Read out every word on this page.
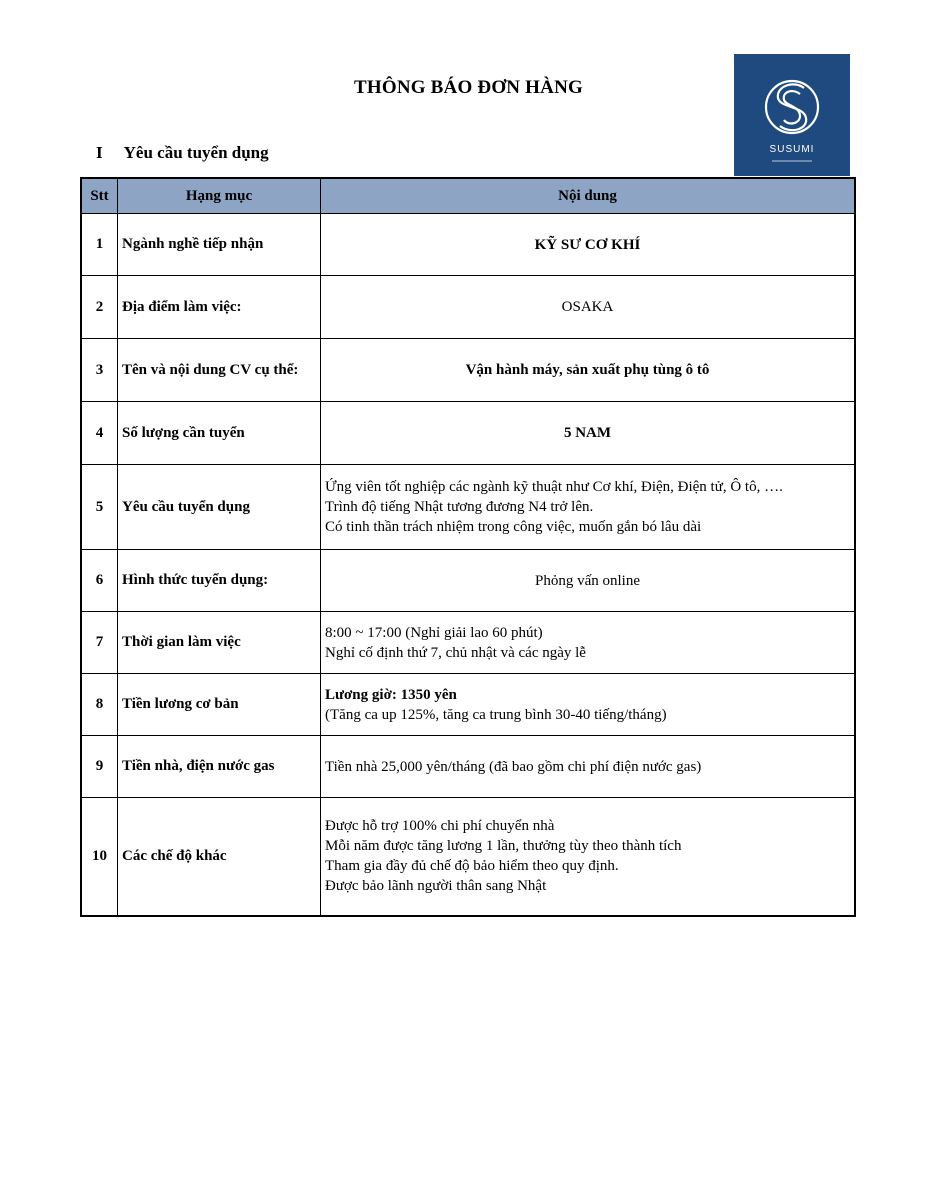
THÔNG BÁO ĐƠN HÀNG
I Yêu cầu tuyển dụng	SUSUMI
Stt	Hạng mục	Nội dung
1	Ngành nghề tiếp nhận	KỸ SƯ CƠ KHÍ

2	Địa điểm làm việc:	OSAKA

3	Tên và nội dung CV cụ thể:	Vận hành máy, sản xuất phụ tùng ô tô

4	Số lượng cần tuyển	5 NAM

5	Yêu cầu tuyển dụng	Ứng viên tốt nghiệp các ngành kỹ thuật như Cơ khí, Điện, Điện tử, Ô tô, ….
Trình độ tiếng Nhật tương đương N4 trở lên.
Có tinh thần trách nhiệm trong công việc, muốn gắn bó lâu dài

6	Hình thức tuyển dụng:	Phỏng vấn online

7	Thời gian làm việc	8:00 ~ 17:00 (Nghỉ giải lao 60 phút)
Nghỉ cố định thứ 7, chủ nhật và các ngày lễ

8	Tiền lương cơ bản	Lương giờ: 1350 yên
(Tăng ca up 125%, tăng ca trung bình 30-40 tiếng/tháng)

9	Tiền nhà, điện nước gas	Tiền nhà 25,000 yên/tháng (đã bao gồm chi phí điện nước gas)

10	Các chế độ khác	Được hỗ trợ 100% chi phí chuyển nhà
Mỗi năm được tăng lương 1 lần, thưởng tùy theo thành tích
Tham gia đầy đủ chế độ bảo hiểm theo quy định.
Được bảo lãnh người thân sang Nhật
